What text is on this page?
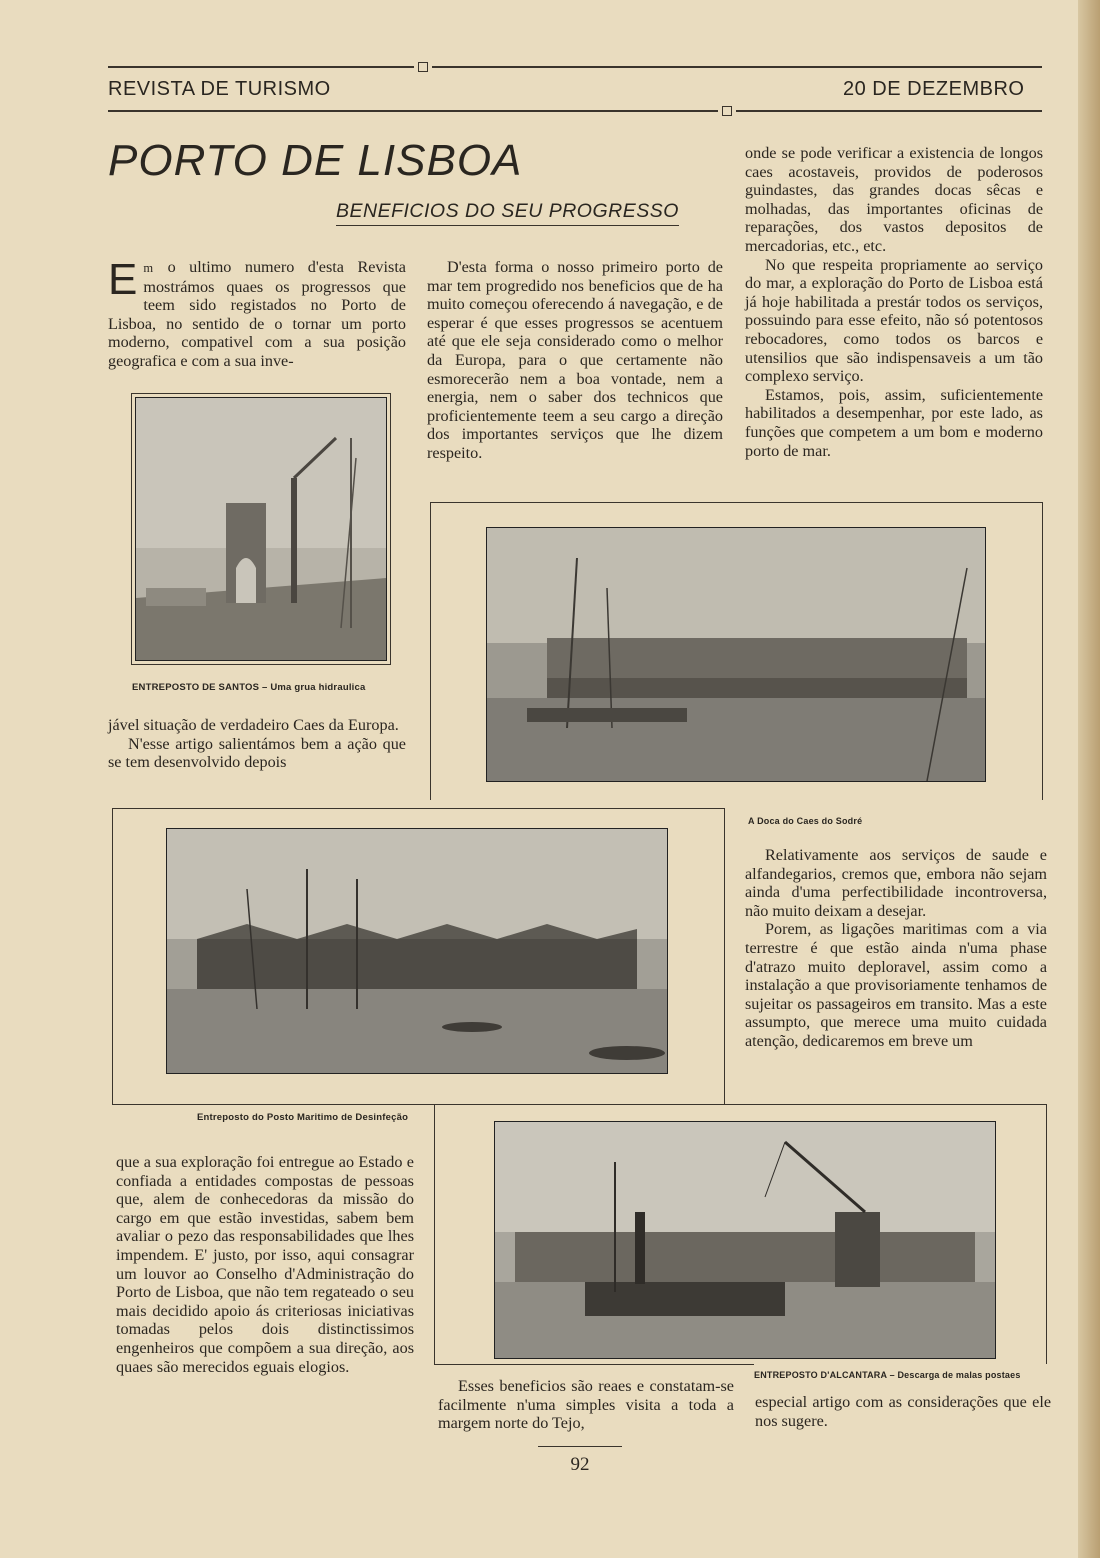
REVISTA DE TURISMO	20 DE DEZEMBRO
PORTO DE LISBOA
BENEFICIOS DO SEU PROGRESSO

Em o ultimo numero d'esta Revista mostrámos quaes os progressos que teem sido registados no Porto de Lisboa, no sentido de o tornar um porto moderno, compativel com a sua posição geografica e com a sua inve-

D'esta forma o nosso primeiro porto de mar tem progredido nos beneficios que de ha muito começou oferecendo á navegação, e de esperar é que esses progressos se acentuem até que ele seja considerado como o melhor da Europa, para o que certamente não esmorecerão nem a boa vontade, nem a energia, nem o saber dos technicos que proficientemente teem a seu cargo a direção dos importantes serviços que lhe dizem respeito.

onde se pode verificar a existencia de longos caes acostaveis, providos de poderosos guindastes, das grandes docas sêcas e molhadas, das importantes oficinas de reparações, dos vastos depositos de mercadorias, etc., etc.

No que respeita propriamente ao serviço do mar, a exploração do Porto de Lisboa está já hoje habilitada a prestár todos os serviços, possuindo para esse efeito, não só potentosos rebocadores, como todos os barcos e utensilios que são indispensaveis a um tão complexo serviço.

Estamos, pois, assim, suficientemente habilitados a desempenhar, por este lado, as funções que competem a um bom e moderno porto de mar.

ENTREPOSTO DE SANTOS – Uma grua hidraulica

jável situação de verdadeiro Caes da Europa.

N'esse artigo salientámos bem a ação que se tem desenvolvido depois

A Doca do Caes do Sodré

Relativamente aos serviços de saude e alfandegarios, cremos que, embora não sejam ainda d'uma perfectibilidade incontroversa, não muito deixam a desejar.

Porem, as ligações maritimas com a via terrestre é que estão ainda n'uma phase d'atrazo muito deploravel, assim como a instalação a que provisoriamente tenhamos de sujeitar os passageiros em transito. Mas a este assumpto, que merece uma muito cuidada atenção, dedicaremos em breve um

Entreposto do Posto Maritimo de Desinfeção

que a sua exploração foi entregue ao Estado e confiada a entidades compostas de pessoas que, alem de conhecedoras da missão do cargo em que estão investidas, sabem bem avaliar o pezo das responsabilidades que lhes impendem. E' justo, por isso, aqui consagrar um louvor ao Conselho d'Administração do Porto de Lisboa, que não tem regateado o seu mais decidido apoio ás criteriosas iniciativas tomadas pelos dois distinctissimos engenheiros que compõem a sua direção, aos quaes são merecidos eguais elogios.	ENTREPOSTO D'ALCANTARA – Descarga de malas postaes

Esses beneficios são reaes e constatam-se facilmente n'uma simples visita a toda a margem norte do Tejo,

especial artigo com as considerações que ele nos sugere.

92
